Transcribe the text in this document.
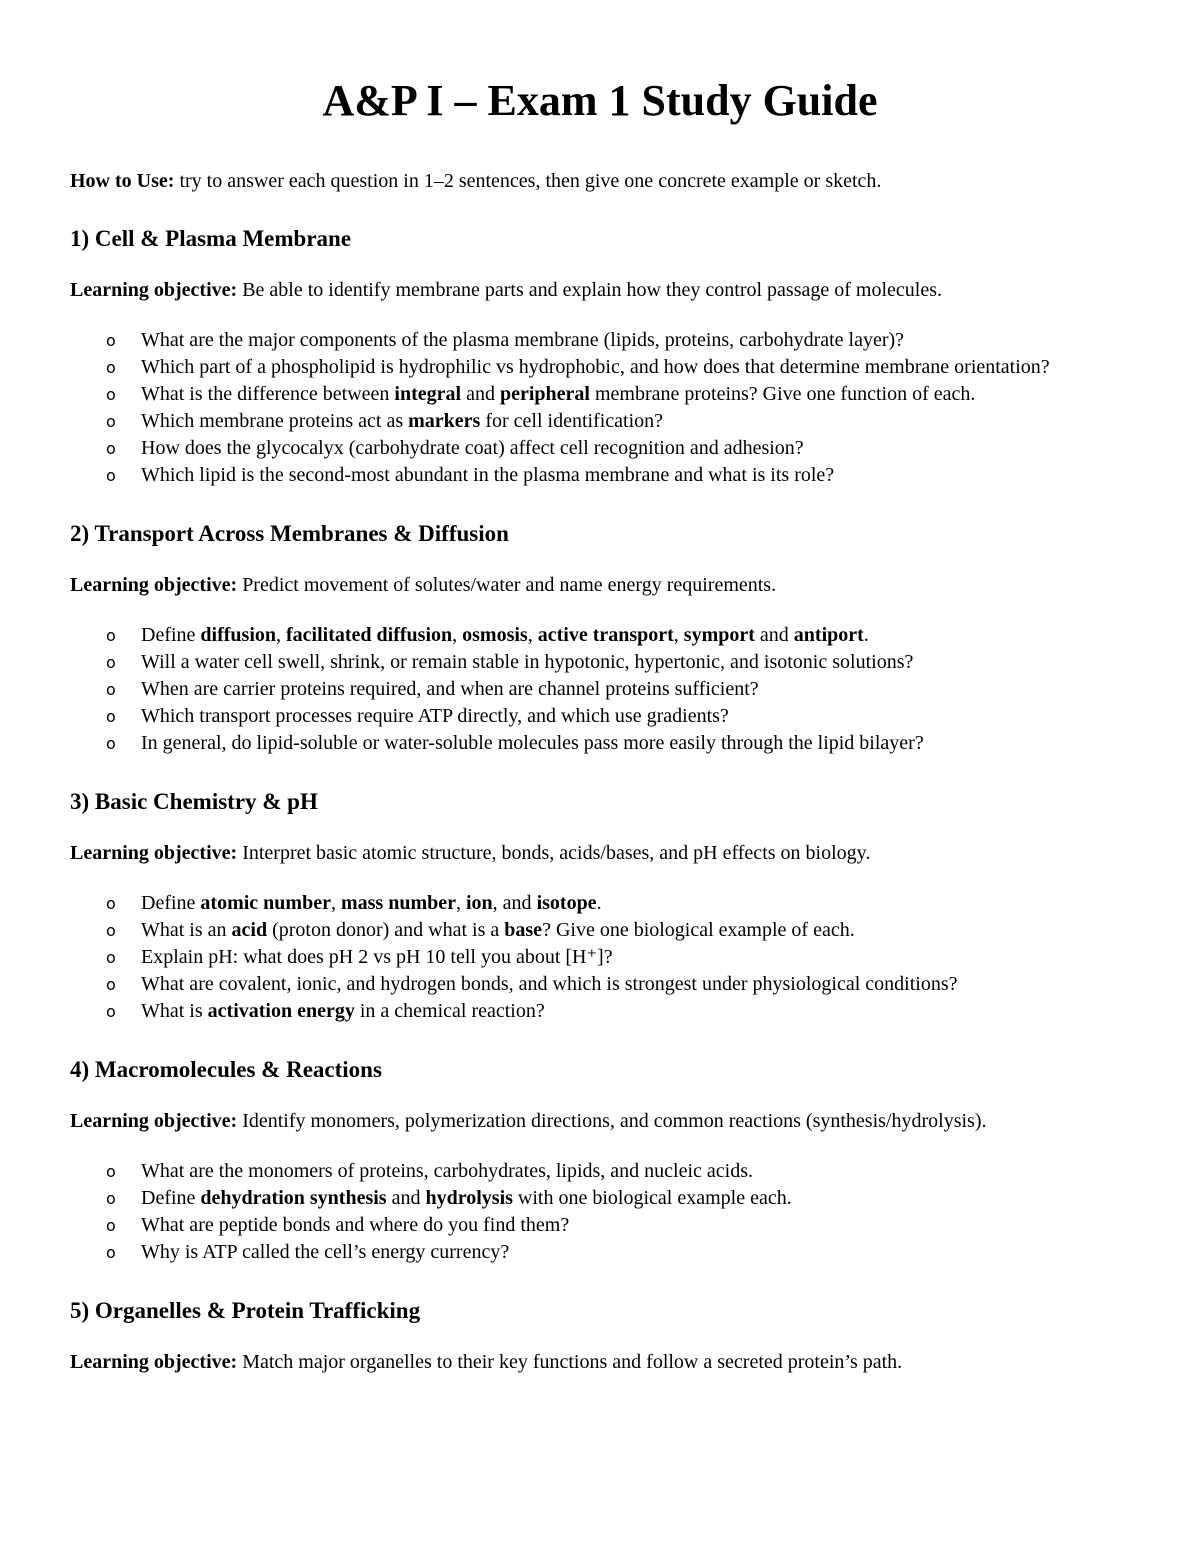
A&P I – Exam 1 Study Guide

How to Use: try to answer each question in 1–2 sentences, then give one concrete example or sketch.

1) Cell & Plasma Membrane

Learning objective: Be able to identify membrane parts and explain how they control passage of molecules.

o What are the major components of the plasma membrane (lipids, proteins, carbohydrate layer)?
o Which part of a phospholipid is hydrophilic vs hydrophobic, and how does that determine membrane orientation?
o What is the difference between integral and peripheral membrane proteins? Give one function of each.
o Which membrane proteins act as markers for cell identification?
o How does the glycocalyx (carbohydrate coat) affect cell recognition and adhesion?
o Which lipid is the second-most abundant in the plasma membrane and what is its role?
2) Transport Across Membranes & Diffusion

Learning objective: Predict movement of solutes/water and name energy requirements.

o Define diffusion, facilitated diffusion, osmosis, active transport, symport and antiport.
o Will a water cell swell, shrink, or remain stable in hypotonic, hypertonic, and isotonic solutions?
o When are carrier proteins required, and when are channel proteins sufficient?
o Which transport processes require ATP directly, and which use gradients?
o In general, do lipid-soluble or water-soluble molecules pass more easily through the lipid bilayer?
3) Basic Chemistry & pH

Learning objective: Interpret basic atomic structure, bonds, acids/bases, and pH effects on biology.

o Define atomic number, mass number, ion, and isotope.
o What is an acid (proton donor) and what is a base? Give one biological example of each.
o Explain pH: what does pH 2 vs pH 10 tell you about [H⁺]?
o What are covalent, ionic, and hydrogen bonds, and which is strongest under physiological conditions?
o What is activation energy in a chemical reaction?
4) Macromolecules & Reactions

Learning objective: Identify monomers, polymerization directions, and common reactions (synthesis/hydrolysis).

o What are the monomers of proteins, carbohydrates, lipids, and nucleic acids.
o Define dehydration synthesis and hydrolysis with one biological example each.
o What are peptide bonds and where do you find them?
o Why is ATP called the cell’s energy currency?
5) Organelles & Protein Trafficking

Learning objective: Match major organelles to their key functions and follow a secreted protein’s path.
